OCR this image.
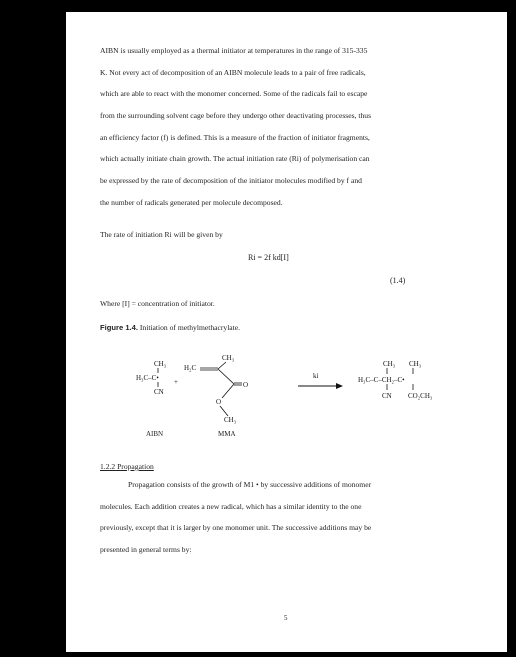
AIBN is usually employed as a thermal initiator at temperatures in the range of 315-335
K. Not every act of decomposition of an AIBN molecule leads to a pair of free radicals,
which are able to react with the monomer concerned. Some of the radicals fail to escape
from the surrounding solvent cage before they undergo other deactivating processes, thus
an efficiency factor (f) is defined. This is a measure of the fraction of initiator fragments,
which actually initiate chain growth. The actual initiation rate (Ri) of polymerisation can
be expressed by the rate of decomposition of the initiator molecules modified by f and
the number of radicals generated per molecule decomposed.
The rate of initiation Ri will be given by
Ri = 2f kd[I]
(1.4)
Where [I] = concentration of initiator.
Figure 1.4. Initiation of methylmethacrylate.
CH₃
H₃C–C•
CN
+
CH₃
H₂C
O
O
CH₃
ki
CH₃ CH₃
H₃C–C–CH₂–C•
CN CO₂CH₃
AIBN	MMA
1.2.2 Propagation
Propagation consists of the growth of M1 • by successive additions of monomer
molecules. Each addition creates a new radical, which has a similar identity to the one
previously, except that it is larger by one monomer unit. The successive additions may be
presented in general terms by:
5
